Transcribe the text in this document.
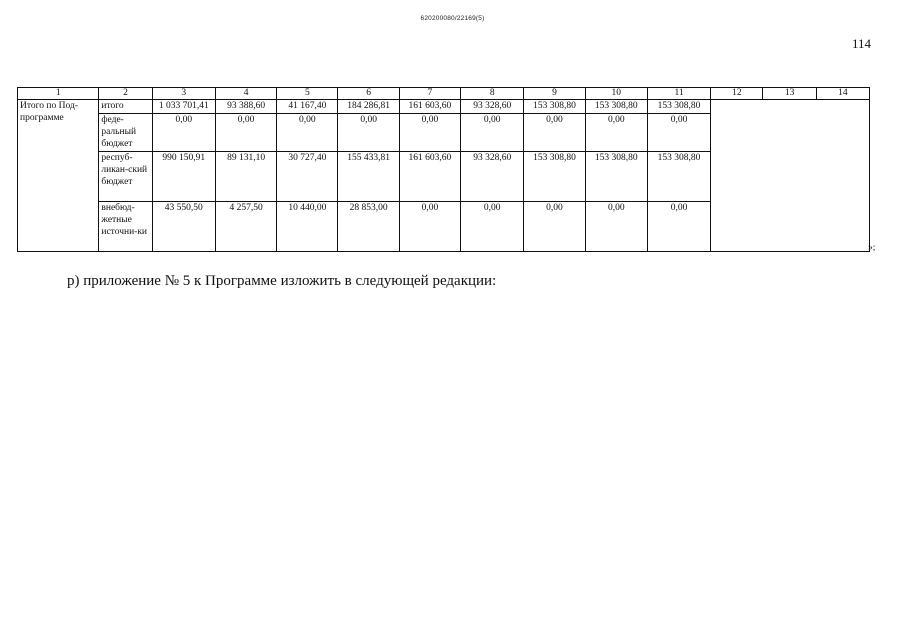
620200080/22169(5)
114
1	2	3	4	5	6	7	8	9	10	11	12	13	14
Итого по Под-программе	итого	1 033 701,41	93 388,60	41 167,40	184 286,81	161 603,60	93 328,60	153 308,80	153 308,80	153 308,80			
	феде-ральный бюджет	0,00	0,00	0,00	0,00	0,00	0,00	0,00	0,00	0,00			
	респуб-ликан-ский бюджет	990 150,91	89 131,10	30 727,40	155 433,81	161 603,60	93 328,60	153 308,80	153 308,80	153 308,80			
	внебюд-жетные источни-ки	43 550,50	4 257,50	10 440,00	28 853,00	0,00	0,00	0,00	0,00	0,00			
»;
р) приложение № 5 к Программе изложить в следующей редакции:
